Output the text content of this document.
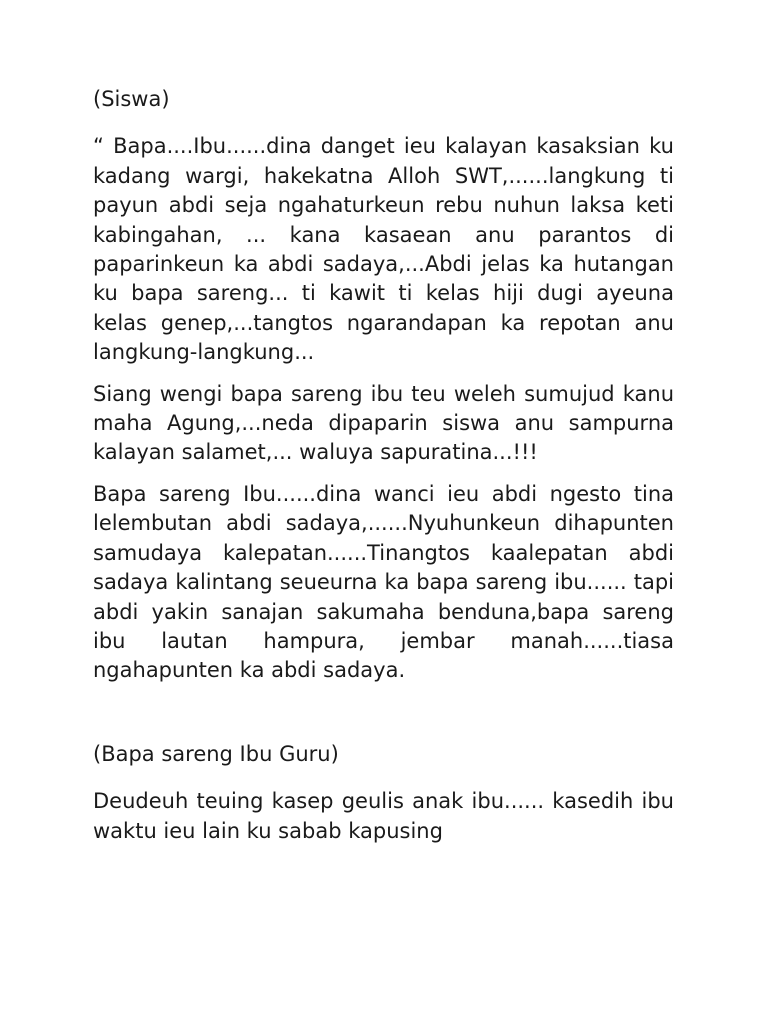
(Siswa)

“ Bapa....Ibu......dina danget ieu kalayan kasaksian ku kadang wargi, hakekatna Alloh SWT,......langkung ti payun abdi seja ngahaturkeun rebu nuhun laksa keti kabingahan, ... kana kasaean anu parantos di paparinkeun ka abdi sadaya,...Abdi jelas ka hutangan ku bapa sareng... ti kawit ti kelas hiji dugi ayeuna kelas genep,...tangtos ngarandapan ka repotan anu langkung-langkung...

Siang wengi bapa sareng ibu teu weleh sumujud kanu maha Agung,...neda dipaparin siswa anu sampurna kalayan salamet,... waluya sapuratina...!!!

Bapa sareng Ibu......dina wanci ieu abdi ngesto tina lelembutan abdi sadaya,......Nyuhunkeun dihapunten samudaya kalepatan......Tinangtos kaalepatan abdi sadaya kalintang seueurna ka bapa sareng ibu...... tapi abdi yakin sanajan sakumaha benduna,bapa sareng ibu lautan hampura, jembar manah......tiasa ngahapunten ka abdi sadaya.

(Bapa sareng Ibu Guru)

Deudeuh teuing kasep geulis anak ibu...... kasedih ibu waktu ieu lain ku sabab kapusing
